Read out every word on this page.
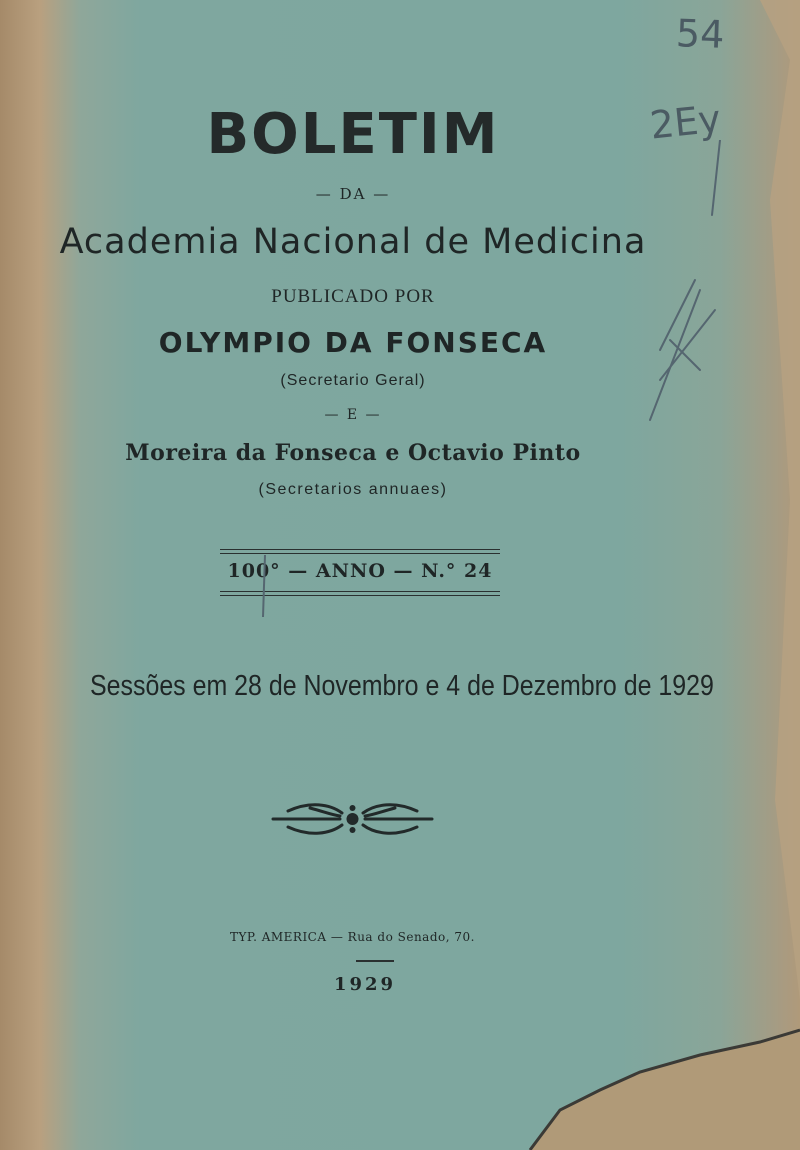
BOLETIM
— DA —
Academia Nacional de Medicina
PUBLICADO POR
OLYMPIO DA FONSECA
(Secretario Geral)
— E —
Moreira da Fonseca e Octavio Pinto
(Secretarios annuaes)
100° — ANNO — N.° 24
Sessões em 28 de Novembro e 4 de Dezembro de 1929
TYP. AMERICA — Rua do Senado, 70.
1929
54
2Ey
